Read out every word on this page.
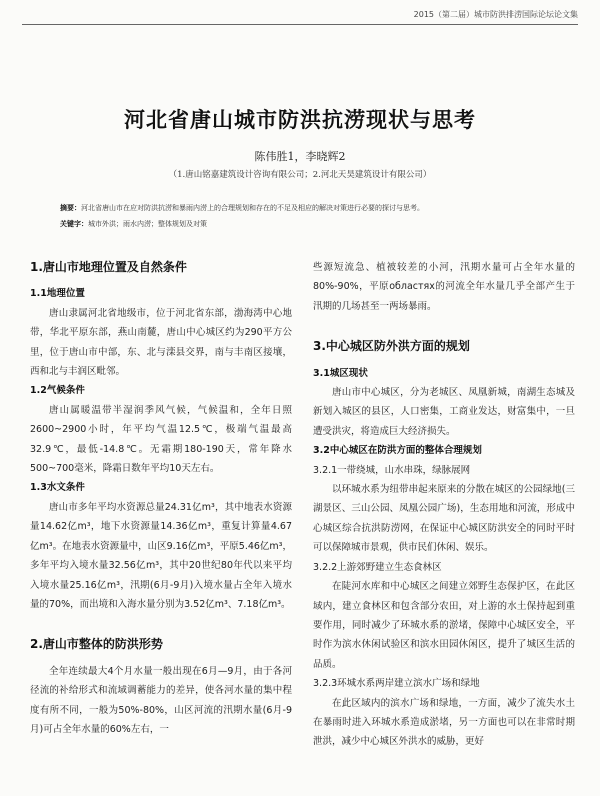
2015（第二届）城市防洪排涝国际论坛论文集
河北省唐山城市防洪抗涝现状与思考
陈伟胜1，李晓辉2
（1.唐山铭嘉建筑设计咨询有限公司；2.河北天昊建筑设计有限公司）
摘要：河北省唐山市在应对防洪抗涝和暴雨内涝上的合理规划和存在的不足及相应的解决对策进行必要的探讨与思考。
关键字：城市外洪；雨水内涝；整体规划及对策
1.唐山市地理位置及自然条件
1.1地理位置
唐山隶属河北省地级市，位于河北省东部，渤海湾中心地带，华北平原东部，燕山南麓，唐山中心城区约为290平方公里，位于唐山市中部，东、北与滦县交界，南与丰南区接壤，西和北与丰润区毗邻。
1.2气候条件
唐山属暖温带半湿润季风气候，气候温和，全年日照2600~2900小时，年平均气温12.5℃，极端气温最高32.9℃，最低-14.8℃。无霜期180-190天，常年降水500~700毫米，降霜日数年平均10天左右。
1.3水文条件
唐山市多年平均水资源总量24.31亿m³，其中地表水资源量14.62亿m³，地下水资源量14.36亿m³，重复计算量4.67亿m³。在地表水资源量中，山区9.16亿m³，平原5.46亿m³，多年平均入境水量32.56亿m³，其中20世纪80年代以来平均入境水量25.16亿m³，汛期(6月-9月)入境水量占全年入境水量的70%，而出境和入海水量分别为3.52亿m³、7.18亿m³。
2.唐山市整体的防洪形势
全年连续最大4个月水量一般出现在6月—9月，由于各河径流的补给形式和流域调蓄能力的差异，使各河水量的集中程度有所不同，一般为50%-80%，山区河流的汛期水量(6月-9月)可占全年水量的60%左右，一
些源短流急、植被较差的小河，汛期水量可占全年水量的80%-90%，平原областях的河流全年水量几乎全部产生于汛期的几场甚至一两场暴雨。
3.中心城区防外洪方面的规划
3.1城区现状
唐山市中心城区，分为老城区、凤凰新城，南湖生态城及新划入城区的县区，人口密集，工商业发达，财富集中，一旦遭受洪灾，将造成巨大经济损失。
3.2中心城区在防洪方面的整体合理规划
3.2.1一带绕城，山水串珠，绿脉展网
以环城水系为纽带串起来原来的分散在城区的公园绿地(三湖景区、三山公园、凤凰公园广场)，生态用地和河流，形成中心城区综合抗洪防涝网，在保证中心城区防洪安全的同时平时可以保障城市景观，供市民们休闲、娱乐。
3.2.2上游郊野建立生态食林区
在陡河水库和中心城区之间建立郊野生态保护区，在此区域内，建立食林区和包含部分农田，对上游的水土保持起到重要作用，同时减少了环城水系的淤堵，保障中心城区安全，平时作为滨水休闲试验区和滨水田园休闲区，提升了城区生活的品质。
3.2.3环城水系两岸建立滨水广场和绿地
在此区域内的滨水广场和绿地，一方面，减少了流失水土在暴雨时进入环城水系造成淤堵，另一方面也可以在非常时期泄洪，减少中心城区外洪水的威胁，更好
